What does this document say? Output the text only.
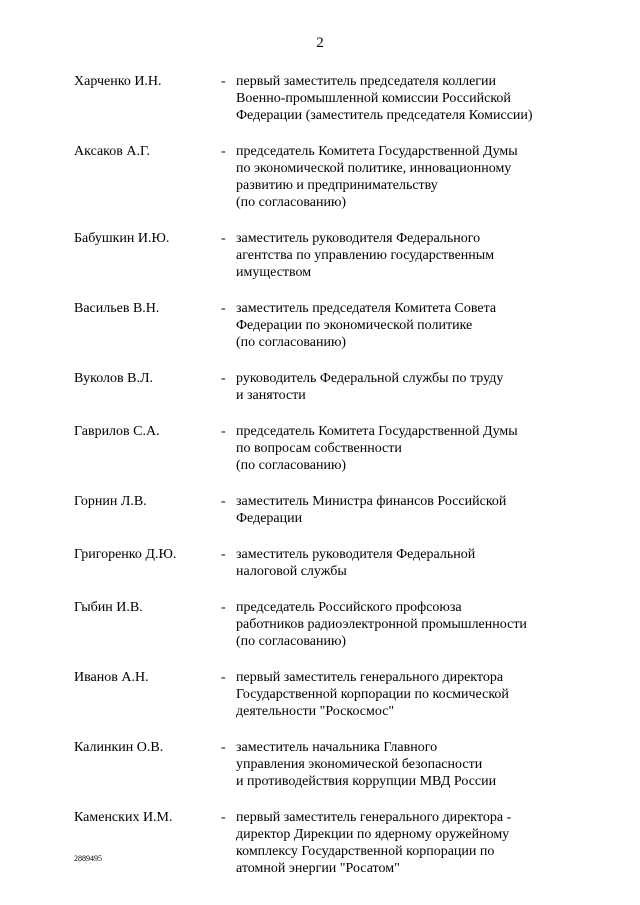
2
Харченко И.Н.	- первый заместитель председателя коллегии
Военно-промышленной комиссии Российской
Федерации (заместитель председателя Комиссии)
Аксаков А.Г.	- председатель Комитета Государственной Думы
по экономической политике, инновационному
развитию и предпринимательству
(по согласованию)
Бабушкин И.Ю.	- заместитель руководителя Федерального
агентства по управлению государственным
имуществом
Васильев В.Н.	- заместитель председателя Комитета Совета
Федерации по экономической политике
(по согласованию)
Вуколов В.Л.	- руководитель Федеральной службы по труду
и занятости
Гаврилов С.А.	- председатель Комитета Государственной Думы
по вопросам собственности
(по согласованию)
Горнин Л.В.	- заместитель Министра финансов Российской
Федерации
Григоренко Д.Ю.	- заместитель руководителя Федеральной
налоговой службы
Гыбин И.В.	- председатель Российского профсоюза
работников радиоэлектронной промышленности
(по согласованию)
Иванов А.Н.	- первый заместитель генерального директора
Государственной корпорации по космической
деятельности "Роскосмос"
Калинкин О.В.	- заместитель начальника Главного
управления экономической безопасности
и противодействия коррупции МВД России
Каменских И.М.	- первый заместитель генерального директора -
директор Дирекции по ядерному оружейному
комплексу Государственной корпорации по
атомной энергии "Росатом"
2889495
